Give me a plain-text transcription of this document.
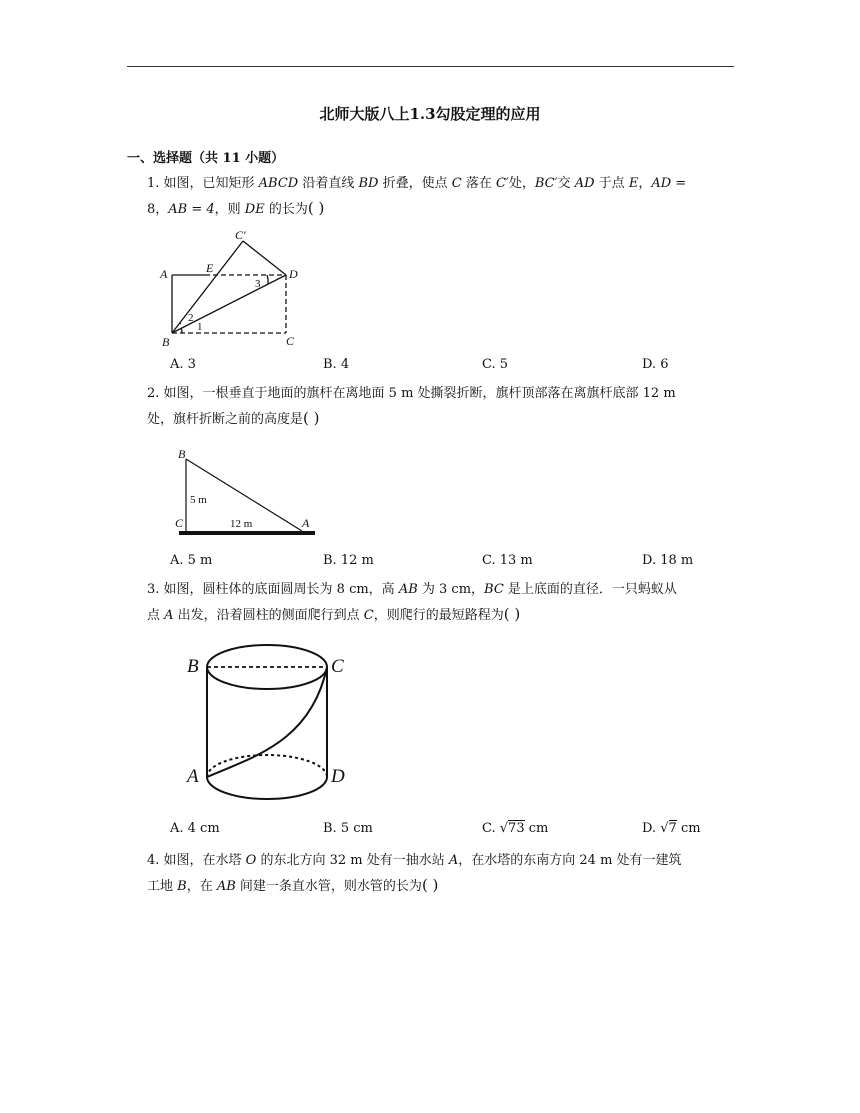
北师大版八上1.3勾股定理的应用
一、选择题（共 11 小题）
1. 如图，已知矩形 ABCD 沿着直线 BD 折叠，使点 C 落在 C′处，BC′交 AD 于点 E，AD =
8，AB = 4，则 DE 的长为( )
C′
A	E	D
B	C
1
2
3
A. 3	B. 4	C. 5	D. 6
2. 如图，一根垂直于地面的旗杆在离地面 5 m 处撕裂折断，旗杆顶部落在离旗杆底部 12 m
处，旗杆折断之前的高度是( )
B
C	A
5 m
12 m
A. 5 m	B. 12 m	C. 13 m	D. 18 m
3. 如图，圆柱体的底面圆周长为 8 cm，高 AB 为 3 cm，BC 是上底面的直径．一只蚂蚁从
点 A 出发，沿着圆柱的侧面爬行到点 C，则爬行的最短路程为( )
B	C
A	D
A. 4 cm	B. 5 cm	C. √73 cm	D. √7 cm
4. 如图，在水塔 O 的东北方向 32 m 处有一抽水站 A，在水塔的东南方向 24 m 处有一建筑
工地 B，在 AB 间建一条直水管，则水管的长为( )
